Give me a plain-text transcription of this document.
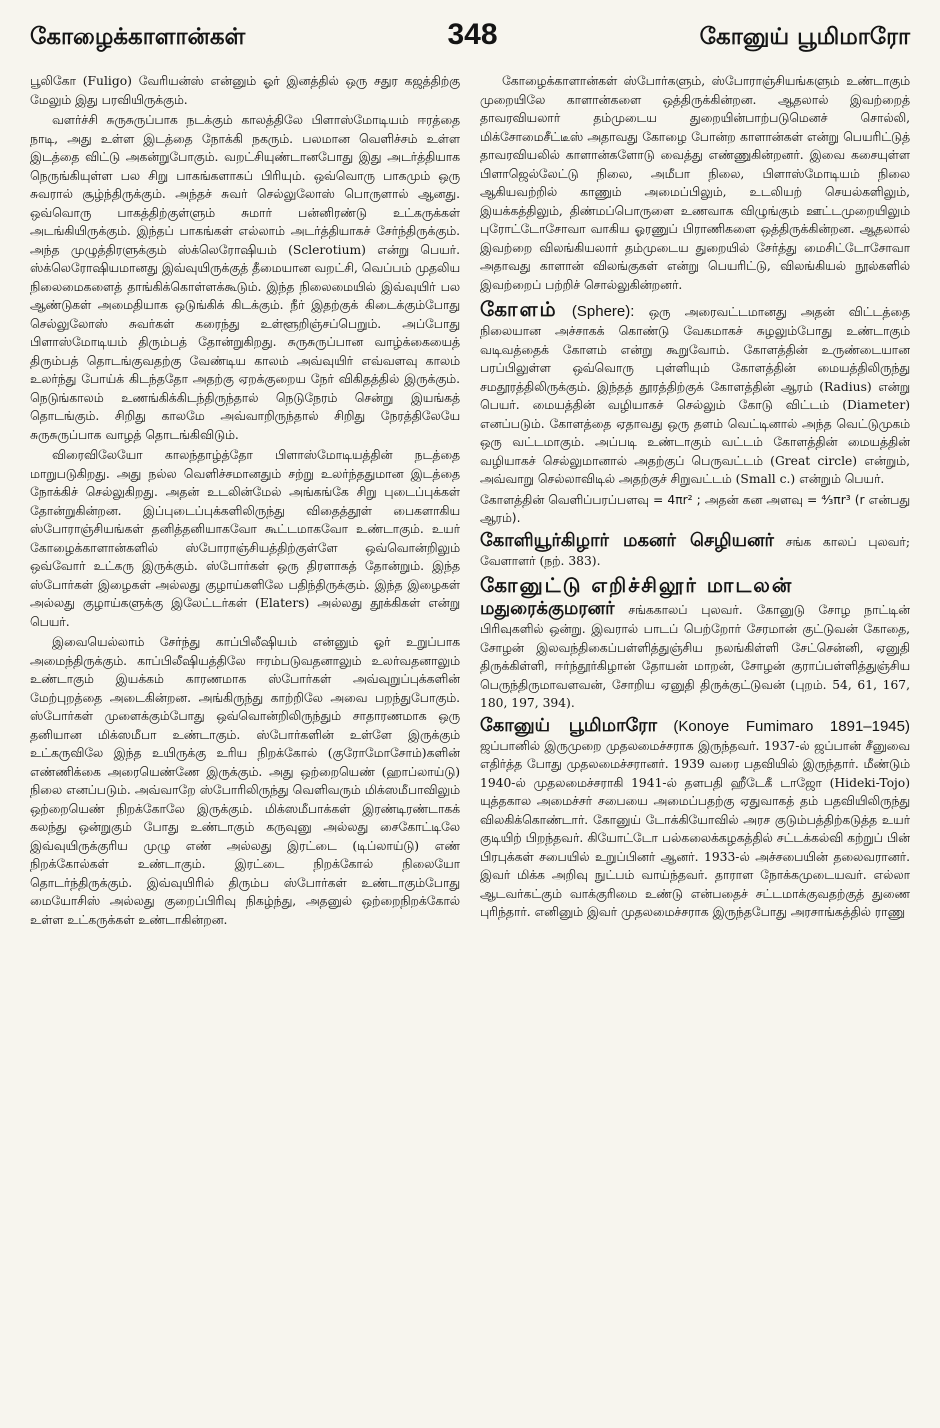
கோழைக்காளான்கள்	348	கோனுய் பூமிமாரோ

பூலிகோ (Fuligo) வேரியன்ஸ் என்னும் ஓர் இனத்தில் ஒரு சதுர கஜத்திற்கு மேலும் இது பரவியிருக்கும்.

வளர்ச்சி சுருசுருப்பாக நடக்கும் காலத்திலே பிளாஸ்மோடியம் ஈரத்தை நாடி, அது உள்ள இடத்தை நோக்கி நகரும். பலமான வெளிச்சம் உள்ள இடத்தை விட்டு அகன்றுபோகும். வறட்சியுண்டானபோது இது அடர்த்தியாக நெருங்கியுள்ள பல சிறு பாகங்களாகப் பிரியும். ஒவ்வொரு பாகமும் ஒரு சுவரால் சூழ்ந்திருக்கும். அந்தச் சுவர் செல்லுலோஸ் பொருளால் ஆனது. ஒவ்வொரு பாகத்திற்குள்ளும் சுமார் பன்னிரண்டு உட்கருக்கள் அடங்கியிருக்கும். இந்தப் பாகங்கள் எல்லாம் அடர்த்தியாகச் சேர்ந்திருக்கும். அந்த முழுத்திரளுக்கும் ஸ்க்லெரோஷியம் (Sclerotium) என்று பெயர். ஸ்க்லெரோஷியமானது இவ்வுயிருக்குத் தீமையான வறட்சி, வெப்பம் முதலிய நிலைமைகளைத் தாங்கிக்கொள்ளக்கூடும். இந்த நிலைமையில் இவ்வுயிர் பல ஆண்டுகள் அமைதியாக ஒடுங்கிக் கிடக்கும். நீர் இதற்குக் கிடைக்கும்போது செல்லுலோஸ் சுவர்கள் கரைந்து உள்ளூறிஞ்சப்பெறும். அப்போது பிளாஸ்மோடியம் திரும்பத் தோன்றுகிறது. சுருசுருப்பான வாழ்க்கையைத் திரும்பத் தொடங்குவதற்கு வேண்டிய காலம் அவ்வுயிர் எவ்வளவு காலம் உலர்ந்து போய்க் கிடந்ததோ அதற்கு ஏறக்குறைய நேர் விகிதத்தில் இருக்கும். நெடுங்காலம் உணங்கிக்கிடந்திருந்தால் நெடுநேரம் சென்று இயங்கத் தொடங்கும். சிறிது காலமே அவ்வாறிருந்தால் சிறிது நேரத்திலேயே சுருசுருப்பாக வாழத் தொடங்கிவிடும்.

விரைவிலேயோ காலந்தாழ்த்தோ பிளாஸ்மோடியத்தின் நடத்தை மாறுபடுகிறது. அது நல்ல வெளிச்சமானதும் சற்று உலர்ந்ததுமான இடத்தை நோக்கிச் செல்லுகிறது. அதன் உடலின்மேல் அங்கங்கே சிறு புடைப்புக்கள் தோன்றுகின்றன. இப்புடைப்புக்களிலிருந்து விதைத்தூள் பைகளாகிய ஸ்போராஞ்சியங்கள் தனித்தனியாகவோ கூட்டமாகவோ உண்டாகும். உயர் கோழைக்காளான்களில் ஸ்போராஞ்சியத்திற்குள்ளே ஒவ்வொன்றிலும் ஒவ்வோர் உட்கரு இருக்கும். ஸ்போர்கள் ஒரு திரளாகத் தோன்றும். இந்த ஸ்போர்கள் இழைகள் அல்லது குழாய்களிலே பதிந்திருக்கும். இந்த இழைகள் அல்லது குழாய்களுக்கு இலேட்டர்கள் (Elaters) அல்லது தூக்கிகள் என்று பெயர்.

இவையெல்லாம் சேர்ந்து காப்பிலீஷியம் என்னும் ஓர் உறுப்பாக அமைந்திருக்கும். காப்பிலீஷியத்திலே ஈரம்படுவதனாலும் உலர்வதனாலும் உண்டாகும் இயக்கம் காரணமாக ஸ்போர்கள் அவ்வுறுப்புக்களின் மேற்புறத்தை அடைகின்றன. அங்கிருந்து காற்றிலே அவை பறந்துபோகும். ஸ்போர்கள் முளைக்கும்போது ஒவ்வொன்றிலிருந்தும் சாதாரணமாக ஒரு தனியான மிக்ஸமீபா உண்டாகும். ஸ்போர்களின் உள்ளே இருக்கும் உட்கருவிலே இந்த உயிருக்கு உரிய நிறக்கோல் (குரோமோசோம்)களின் எண்ணிக்கை அரையெண்ணே இருக்கும். அது ஒற்றையெண் (ஹாப்லாய்டு) நிலை எனப்படும். அவ்வாறே ஸ்போரிலிருந்து வெளிவரும் மிக்ஸமீபாவிலும் ஒற்றையெண் நிறக்கோலே இருக்கும். மிக்ஸமீபாக்கள் இரண்டிரண்டாகக் கலந்து ஒன்றுகும் போது உண்டாகும் கருவுனு அல்லது சைகோட்டிலே இவ்வுயிருக்குரிய முழு எண் அல்லது இரட்டை (டிப்லாய்டு) எண் நிறக்கோல்கள் உண்டாகும். இரட்டை நிறக்கோல் நிலையோ தொடர்ந்திருக்கும். இவ்வுயிரில் திரும்ப ஸ்போர்கள் உண்டாகும்போது மையோசிஸ் அல்லது குறைப்பிரிவு நிகழ்ந்து, அதனுல் ஒற்றைநிறக்கோல் உள்ள உட்கருக்கள் உண்டாகின்றன.

கோழைக்காளான்கள் ஸ்போர்களும், ஸ்போராஞ்சியங்களும் உண்டாகும் முறையிலே காளான்களை ஒத்திருக்கின்றன. ஆதலால் இவற்றைத் தாவரவியலார் தம்முடைய துறையின்பாற்படுமெனச் சொல்லி, மிக்சோமைசீட்டீஸ் அதாவது கோழை போன்ற காளான்கள் என்று பெயரிட்டுத் தாவரவியலில் காளான்களோடு வைத்து எண்ணுகின்றனர். இவை கசையுள்ள பிளாஜெல்லேட்டு நிலை, அமீபா நிலை, பிளாஸ்மோடியம் நிலை ஆகியவற்றில் காணும் அமைப்பிலும், உடலியற் செயல்களிலும், இயக்கத்திலும், திண்மப்பொருளை உணவாக விழுங்கும் ஊட்டமுறையிலும் புரோட்டோசோவா வாகிய ஓரணுப் பிராணிகளை ஒத்திருக்கின்றன. ஆதலால் இவற்றை விலங்கியலார் தம்முடைய துறையில் சேர்த்து மைசிட்டோசோவா அதாவது காளான் விலங்குகள் என்று பெயரிட்டு, விலங்கியல் நூல்களில் இவற்றைப் பற்றிச் சொல்லுகின்றனர்.

கோளம் (Sphere): ஒரு அரைவட்டமானது அதன் விட்டத்தை நிலையான அச்சாகக் கொண்டு வேகமாகச் சுழலும்போது உண்டாகும் வடிவத்தைக் கோளம் என்று கூறுவோம். கோளத்தின் உருண்டையான பரப்பிலுள்ள ஒவ்வொரு புள்ளியும் கோளத்தின் மையத்திலிருந்து சமதூரத்திலிருக்கும். இந்தத் தூரத்திற்குக் கோளத்தின் ஆரம் (Radius) என்று பெயர். மையத்தின் வழியாகச் செல்லும் கோடு விட்டம் (Diameter) எனப்படும். கோளத்தை ஏதாவது ஒரு தளம் வெட்டினால் அந்த வெட்டுமுகம் ஒரு வட்டமாகும். அப்படி உண்டாகும் வட்டம் கோளத்தின் மையத்தின் வழியாகச் செல்லுமானால் அதற்குப் பெருவட்டம் (Great circle) என்றும், அவ்வாறு செல்லாவிடில் அதற்குச் சிறுவட்டம் (Small c.) என்றும் பெயர்.

கோளத்தின் வெளிப்பரப்பளவு = 4πr² ; அதன் கன அளவு = ⁴⁄₃πr³ (r என்பது ஆரம்).

கோளியூர்கிழார் மகனர் செழியனர் சங்க காலப் புலவர்; வேளாளர் (நற். 383).

கோனுட்டு எறிச்சிலூர் மாடலன்
மதுரைக்குமரனர் சங்ககாலப் புலவர். கோனுடு சோழ நாட்டின் பிரிவுகளில் ஒன்று. இவரால் பாடப் பெற்றோர் சேரமான் குட்டுவன் கோதை, சோழன் இலவந்திகைப்பள்ளித்துஞ்சிய நலங்கிள்ளி சேட்சென்னி, ஏனுதி திருக்கிள்ளி, ஈர்ந்தூர்கிழான் தோயன் மாறன், சோழன் குராப்பள்ளித்துஞ்சிய பெருந்திருமாவளவன், சோறிய ஏனுதி திருக்குட்டுவன் (புறம். 54, 61, 167, 180, 197, 394).

கோனுய் பூமிமாரோ (Konoye Fumimaro 1891–1945) ஜப்பானில் இருமுறை முதலமைச்சராக இருந்தவர். 1937-ல் ஜப்பான் சீனுவை எதிர்த்த போது முதலமைச்சரானர். 1939 வரை பதவியில் இருந்தார். மீண்டும் 1940-ல் முதலமைச்சராகி 1941-ல் தளபதி ஹீடேகீ டாஜோ (Hideki-Tojo) யுத்தகால அமைச்சர் சபையை அமைப்பதற்கு ஏதுவாகத் தம் பதவியிலிருந்து விலகிக்கொண்டார். கோனுய் டோக்கியோவில் அரச குடும்பத்திற்கடுத்த உயர் குடியிற் பிறந்தவர். கியோட்டோ பல்கலைக்கழகத்தில் சட்டக்கல்வி கற்றுப் பின் பிரபுக்கள் சபையில் உறுப்பினர் ஆனர். 1933-ல் அச்சபையின் தலைவரானர். இவர் மிக்க அறிவு நுட்பம் வாய்ந்தவர். தாராள நோக்கமுடையவர். எல்லா ஆடவர்கட்கும் வாக்குரிமை உண்டு என்பதைச் சட்டமாக்குவதற்குத் துணை புரிந்தார். எனினும் இவர் முதலமைச்சராக இருந்தபோது அரசாங்கத்தில் ராணு
